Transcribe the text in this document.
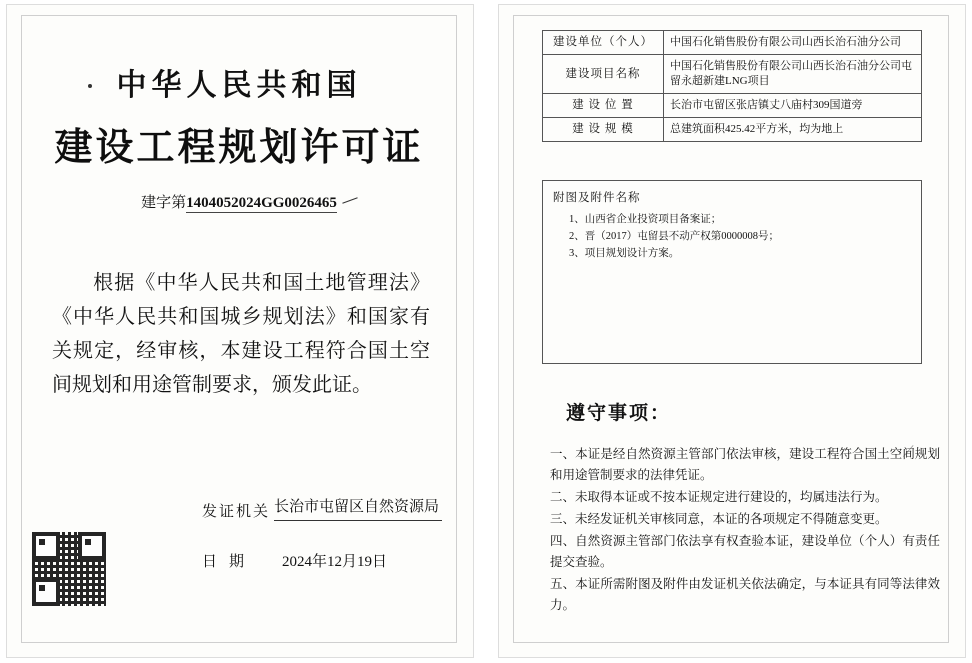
中华人民共和国
建设工程规划许可证
建字第1404052024GG0026465
根据《中华人民共和国土地管理法》《中华人民共和国城乡规划法》和国家有关规定，经审核，本建设工程符合国土空间规划和用途管制要求，颁发此证。
发证机关 长治市屯留区自然资源局
日期 2024年12月19日
建设单位（个人）	中国石化销售股份有限公司山西长治石油分公司
建设项目名称	中国石化销售股份有限公司山西长治石油分公司屯留永超新建LNG项目
建 设 位 置	长治市屯留区张店镇丈八庙村309国道旁
建 设 规 模	总建筑面积425.42平方米，均为地上
附图及附件名称
1、山西省企业投资项目备案证；
2、晋（2017）屯留县不动产权第0000008号；
3、项目规划设计方案。
遵守事项：

一、本证是经自然资源主管部门依法审核，建设工程符合国土空间规划和用途管制要求的法律凭证。

二、未取得本证或不按本证规定进行建设的，均属违法行为。

三、未经发证机关审核同意，本证的各项规定不得随意变更。

四、自然资源主管部门依法享有权查验本证，建设单位（个人）有责任提交查验。

五、本证所需附图及附件由发证机关依法确定，与本证具有同等法律效力。
